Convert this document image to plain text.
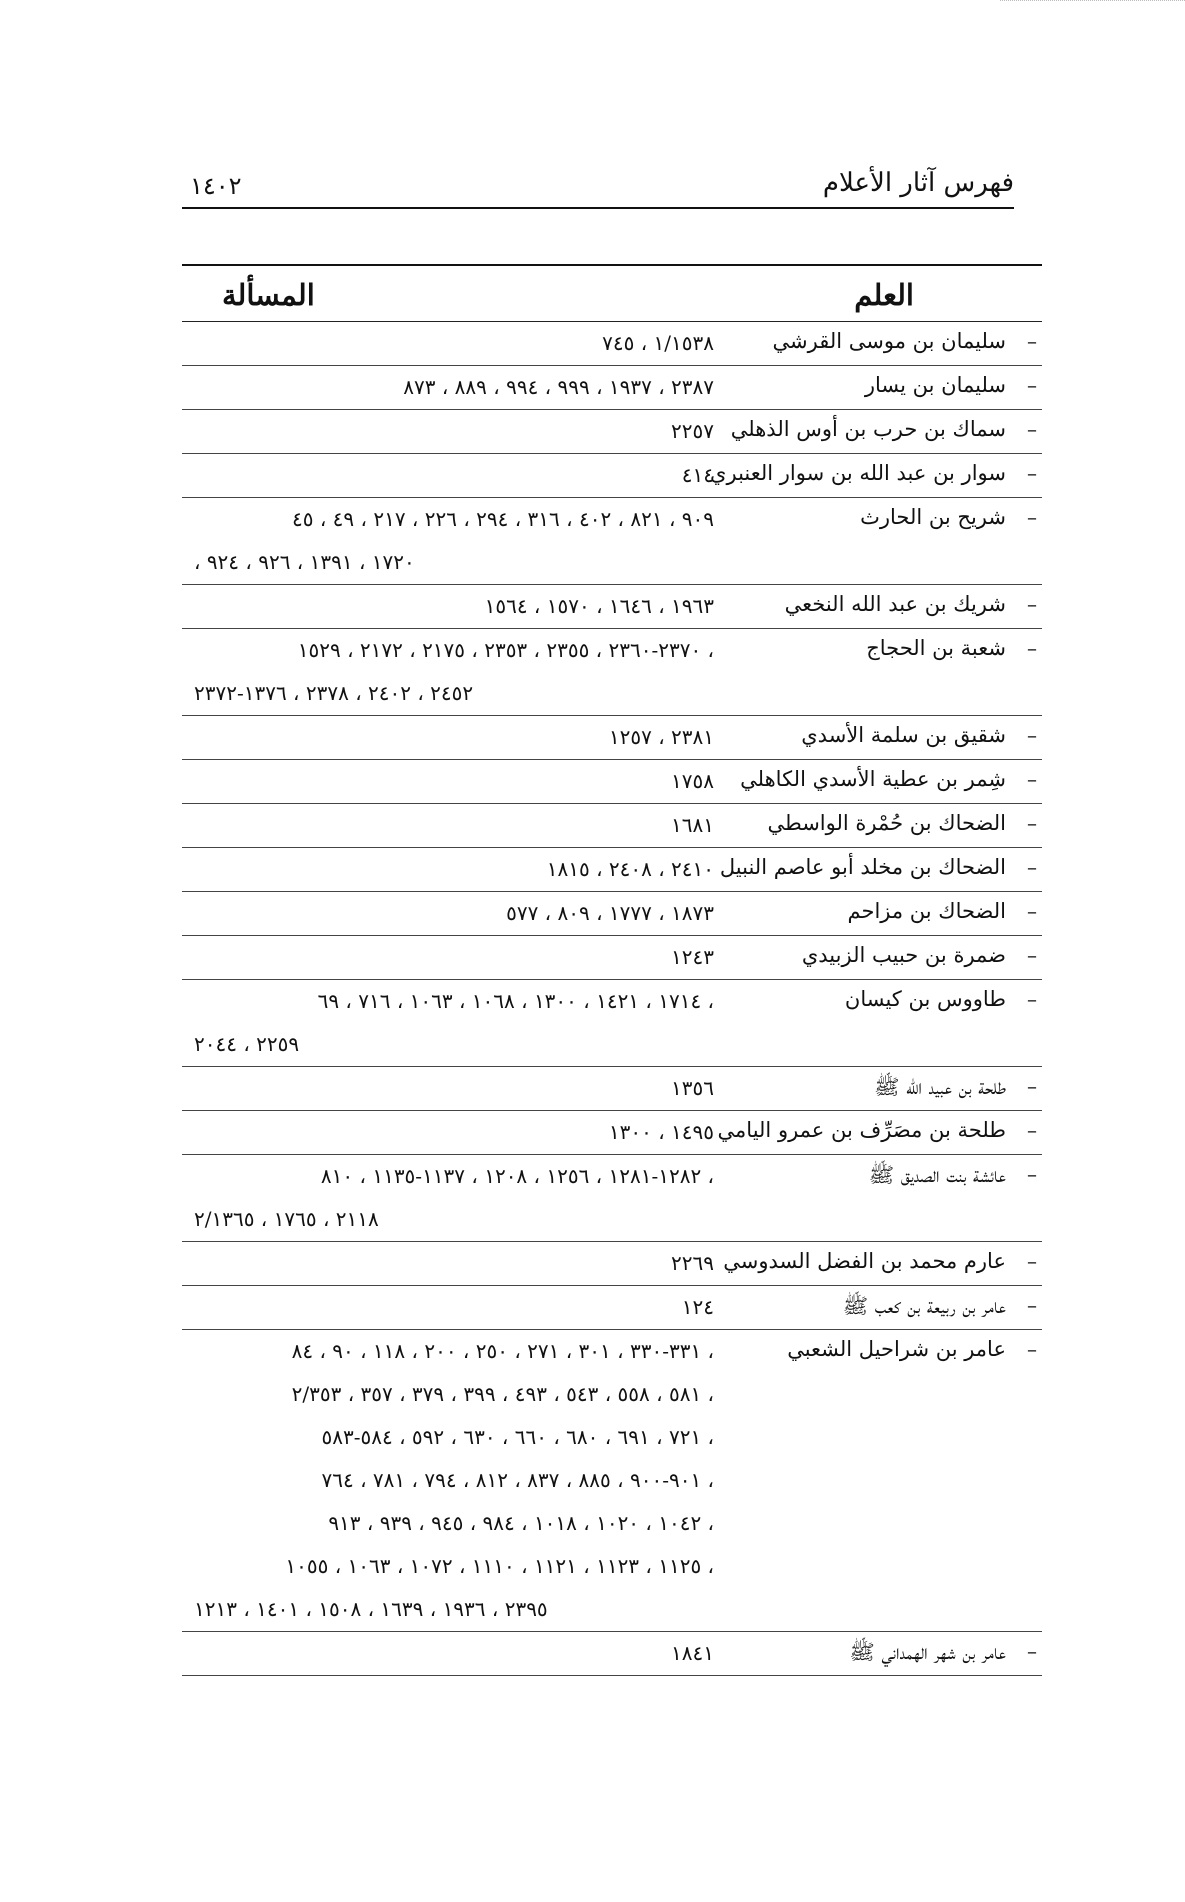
فهرس آثار الأعلام
١٤٠٢
العلم
المسألة
–
سليمان بن موسى القرشي
١/١٥٣٨ ، ٧٤٥
–
سليمان بن يسار
٢٣٨٧ ، ١٩٣٧ ، ٩٩٩ ، ٩٩٤ ، ٨٨٩ ، ٨٧٣
–
سماك بن حرب بن أوس الذهلي
٢٢٥٧
–
سوار بن عبد الله بن سوار العنبري
٤١٤
–
شريح بن الحارث
٩٠٩ ، ٨٢١ ، ٤٠٢ ، ٣١٦ ، ٢٩٤ ، ٢٢٦ ، ٢١٧ ، ٤٩ ، ٤٥
١٧٢٠ ، ١٣٩١ ، ٩٢٦ ، ٩٢٤ ،
–
شريك بن عبد الله النخعي
١٩٦٣ ، ١٦٤٦ ، ١٥٧٠ ، ١٥٦٤
–
شعبة بن الحجاج
، ٢٣٧٠-٢٣٦٠ ، ٢٣٥٥ ، ٢٣٥٣ ، ٢١٧٥ ، ٢١٧٢ ، ١٥٢٩
٢٤٥٢ ، ٢٤٠٢ ، ٢٣٧٨ ، ١٣٧٦-٢٣٧٢
–
شقيق بن سلمة الأسدي
٢٣٨١ ، ١٢٥٧
–
شِمر بن عطية الأسدي الكاهلي
١٧٥٨
–
الضحاك بن حُمْرة الواسطي
١٦٨١
–
الضحاك بن مخلد أبو عاصم النبيل
٢٤١٠ ، ٢٤٠٨ ، ١٨١٥
–
الضحاك بن مزاحم
١٨٧٣ ، ١٧٧٧ ، ٨٠٩ ، ٥٧٧
–
ضمرة بن حبيب الزبيدي
١٢٤٣
–
طاووس بن كيسان
، ١٧١٤ ، ١٤٢١ ، ١٣٠٠ ، ١٠٦٨ ، ١٠٦٣ ، ٧١٦ ، ٦٩
٢٢٥٩ ، ٢٠٤٤
–
طلحة بن عبيد الله ﷺ
١٣٥٦
–
طلحة بن مصَرِّف بن عمرو اليامي
١٤٩٥ ، ١٣٠٠
–
عائشة بنت الصديق ﷺ
، ١٢٨٢-١٢٨١ ، ١٢٥٦ ، ١٢٠٨ ، ١١٣٧-١١٣٥ ، ٨١٠
٢١١٨ ، ١٧٦٥ ، ٢/١٣٦٥
–
عارم محمد بن الفضل السدوسي
٢٢٦٩
–
عامر بن ربيعة بن كعب ﷺ
١٢٤
–
عامر بن شراحيل الشعبي
، ٣٣١-٣٣٠ ، ٣٠١ ، ٢٧١ ، ٢٥٠ ، ٢٠٠ ، ١١٨ ، ٩٠ ، ٨٤
، ٥٨١ ، ٥٥٨ ، ٥٤٣ ، ٤٩٣ ، ٣٩٩ ، ٣٧٩ ، ٣٥٧ ، ٢/٣٥٣
، ٧٢١ ، ٦٩١ ، ٦٨٠ ، ٦٦٠ ، ٦٣٠ ، ٥٩٢ ، ٥٨٤-٥٨٣
، ٩٠١-٩٠٠ ، ٨٨٥ ، ٨٣٧ ، ٨١٢ ، ٧٩٤ ، ٧٨١ ، ٧٦٤
، ١٠٤٢ ، ١٠٢٠ ، ١٠١٨ ، ٩٨٤ ، ٩٤٥ ، ٩٣٩ ، ٩١٣
، ١١٢٥ ، ١١٢٣ ، ١١٢١ ، ١١١٠ ، ١٠٧٢ ، ١٠٦٣ ، ١٠٥٥
٢٣٩٥ ، ١٩٣٦ ، ١٦٣٩ ، ١٥٠٨ ، ١٤٠١ ، ١٢١٣
–
عامر بن شهر الهمداني ﷺ
١٨٤١
